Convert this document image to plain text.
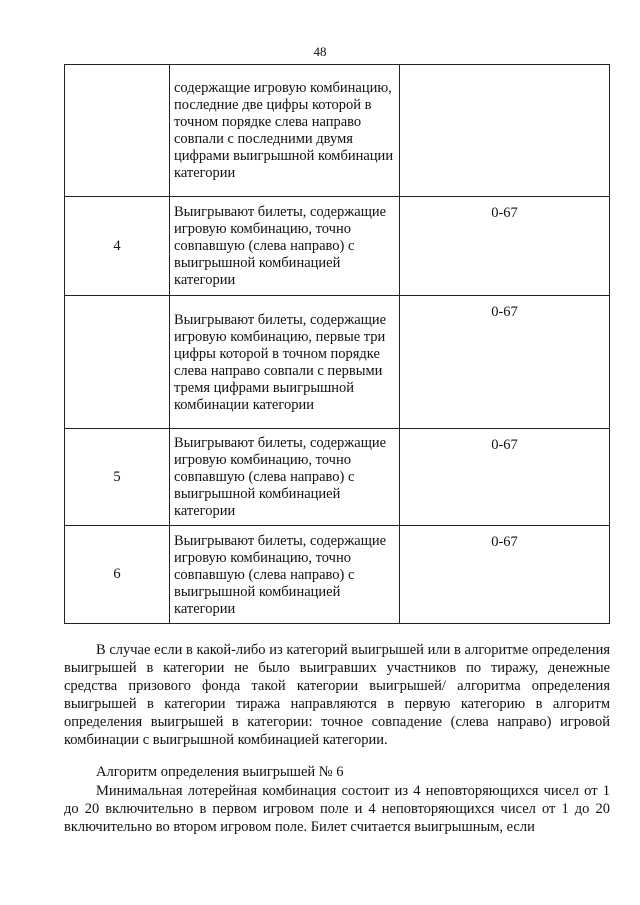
48
	содержащие игровую комбинацию, последние две цифры которой в точном порядке слева направо совпали с последними двумя цифрами выигрышной комбинации категории	
4	Выигрывают билеты, содержащие игровую комбинацию, точно совпавшую (слева направо) с выигрышной комбинацией категории	0-67
	Выигрывают билеты, содержащие игровую комбинацию, первые три цифры которой в точном порядке слева направо совпали с первыми тремя цифрами выигрышной комбинации категории	0-67
5	Выигрывают билеты, содержащие игровую комбинацию, точно совпавшую (слева направо) с выигрышной комбинацией категории	0-67
6	Выигрывают билеты, содержащие игровую комбинацию, точно совпавшую (слева направо) с выигрышной комбинацией категории	0-67

В случае если в какой-либо из категорий выигрышей или в алгоритме определения выигрышей в категории не было выигравших участников по тиражу, денежные средства призового фонда такой категории выигрышей/ алгоритма определения выигрышей в категории тиража направляются в первую категорию в алгоритм определения выигрышей в категории: точное совпадение (слева направо) игровой комбинации с выигрышной комбинацией категории.

Алгоритм определения выигрышей № 6

Минимальная лотерейная комбинация состоит из 4 неповторяющихся чисел от 1 до 20 включительно в первом игровом поле и 4 неповторяющихся чисел от 1 до 20 включительно во втором игровом поле. Билет считается выигрышным, если
